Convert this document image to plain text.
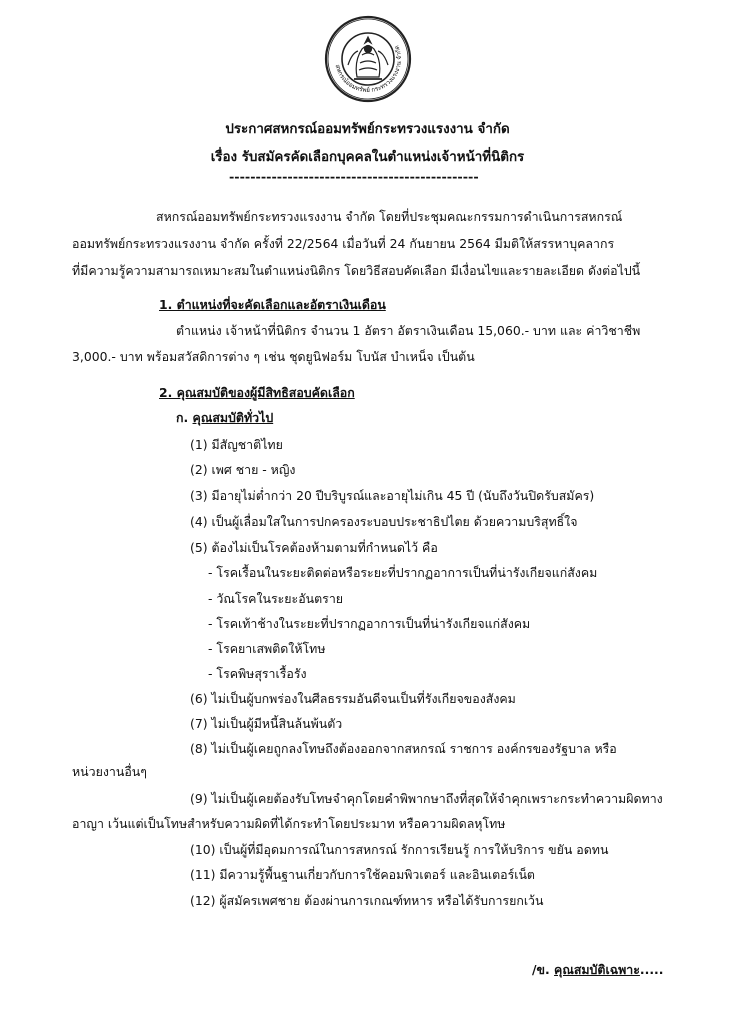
สหกรณ์ออมทรัพย์ กระทรวงแรงงาน จำกัด
ประกาศสหกรณ์ออมทรัพย์กระทรวงแรงงาน จำกัด
เรื่อง รับสมัครคัดเลือกบุคคลในตำแหน่งเจ้าหน้าที่นิติกร
-----------------------------------------------
สหกรณ์ออมทรัพย์กระทรวงแรงงาน จำกัด โดยที่ประชุมคณะกรรมการดำเนินการสหกรณ์
ออมทรัพย์กระทรวงแรงงาน จำกัด ครั้งที่ 22/2564 เมื่อวันที่ 24 กันยายน 2564 มีมติให้สรรหาบุคลากร
ที่มีความรู้ความสามารถเหมาะสมในตำแหน่งนิติกร โดยวิธีสอบคัดเลือก มีเงื่อนไขและรายละเอียด ดังต่อไปนี้
1. ตำแหน่งที่จะคัดเลือกและอัตราเงินเดือน
ตำแหน่ง เจ้าหน้าที่นิติกร จำนวน 1 อัตรา อัตราเงินเดือน 15,060.- บาท และ ค่าวิชาชีพ
3,000.- บาท พร้อมสวัสดิการต่าง ๆ เช่น ชุดยูนิฟอร์ม โบนัส บำเหน็จ เป็นต้น
2. คุณสมบัติของผู้มีสิทธิสอบคัดเลือก
ก. คุณสมบัติทั่วไป
(1) มีสัญชาติไทย
(2) เพศ ชาย - หญิง
(3) มีอายุไม่ต่ำกว่า 20 ปีบริบูรณ์และอายุไม่เกิน 45 ปี (นับถึงวันปิดรับสมัคร)
(4) เป็นผู้เลื่อมใสในการปกครองระบอบประชาธิปไตย ด้วยความบริสุทธิ์ใจ
(5) ต้องไม่เป็นโรคต้องห้ามตามที่กำหนดไว้ คือ
- โรคเรื้อนในระยะติดต่อหรือระยะที่ปรากฏอาการเป็นที่น่ารังเกียจแก่สังคม
- วัณโรคในระยะอันตราย
- โรคเท้าช้างในระยะที่ปรากฏอาการเป็นที่น่ารังเกียจแก่สังคม
- โรคยาเสพติดให้โทษ
- โรคพิษสุราเรื้อรัง
(6) ไม่เป็นผู้บกพร่องในศีลธรรมอันดีจนเป็นที่รังเกียจของสังคม
(7) ไม่เป็นผู้มีหนี้สินล้นพ้นตัว
(8) ไม่เป็นผู้เคยถูกลงโทษถึงต้องออกจากสหกรณ์ ราชการ องค์กรของรัฐบาล หรือ
หน่วยงานอื่นๆ
(9) ไม่เป็นผู้เคยต้องรับโทษจำคุกโดยคำพิพากษาถึงที่สุดให้จำคุกเพราะกระทำความผิดทาง
อาญา เว้นแต่เป็นโทษสำหรับความผิดที่ได้กระทำโดยประมาท หรือความผิดลหุโทษ
(10) เป็นผู้ที่มีอุดมการณ์ในการสหกรณ์ รักการเรียนรู้ การให้บริการ ขยัน อดทน
(11) มีความรู้พื้นฐานเกี่ยวกับการใช้คอมพิวเตอร์ และอินเตอร์เน็ต
(12) ผู้สมัครเพศชาย ต้องผ่านการเกณฑ์ทหาร หรือได้รับการยกเว้น
/ข. คุณสมบัติเฉพาะ.....
